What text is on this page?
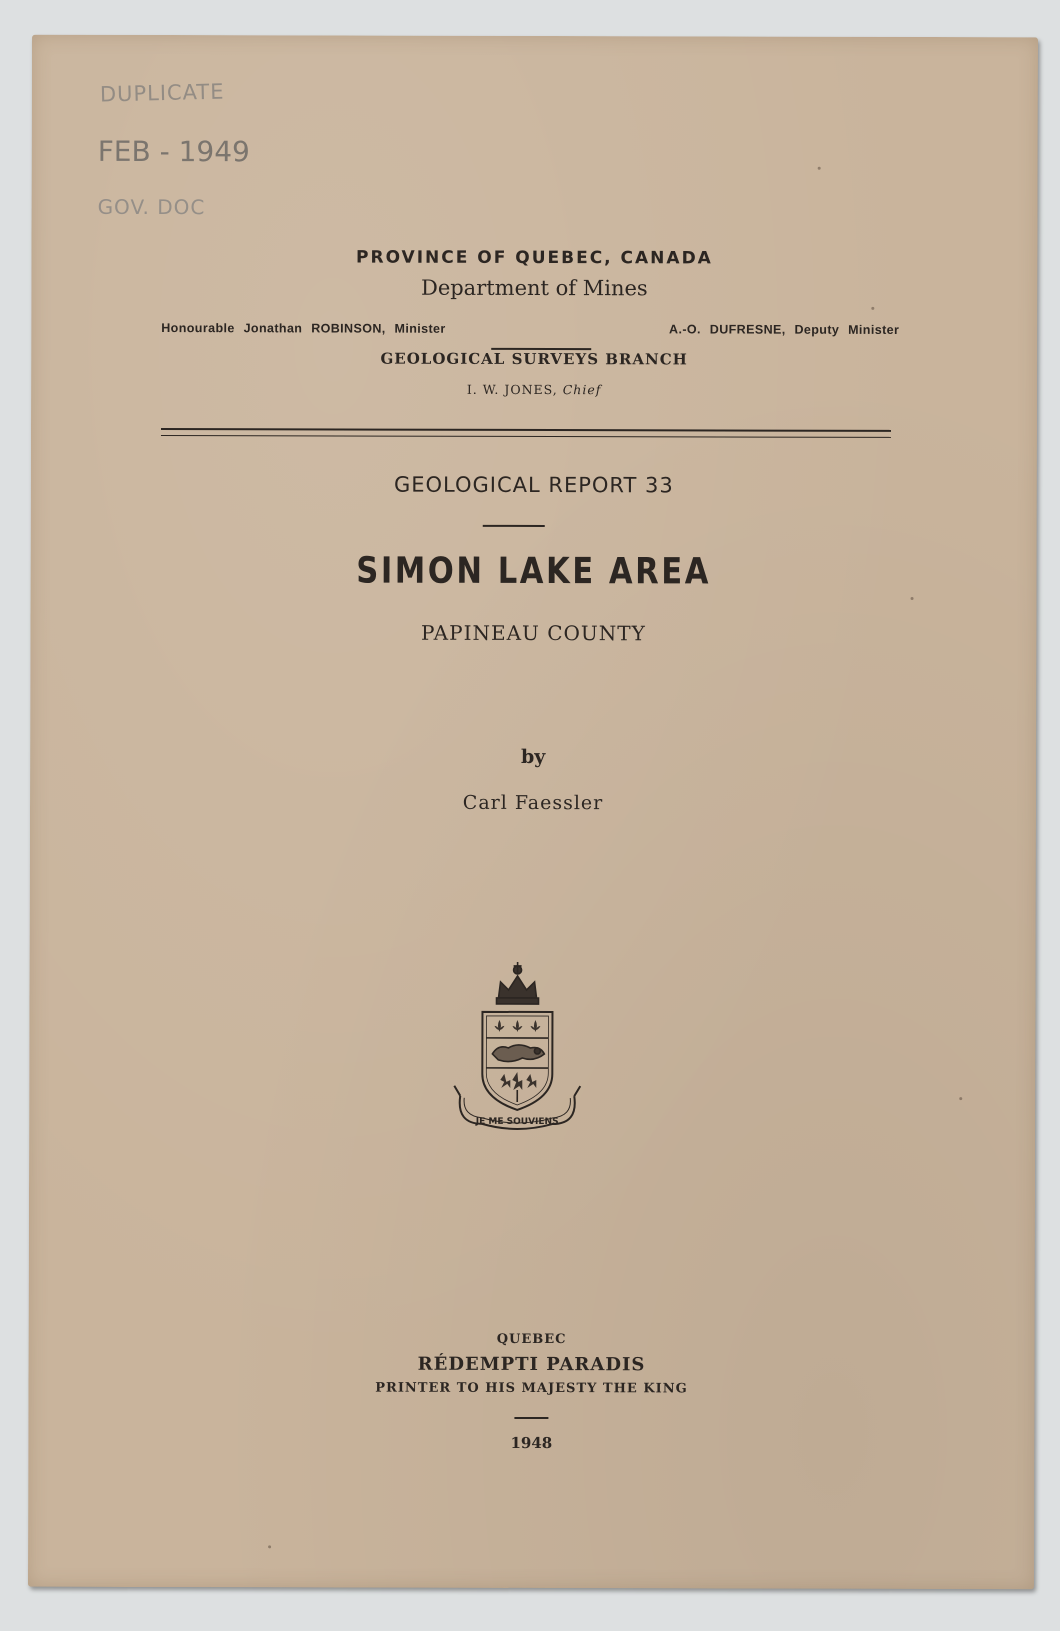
DUPLICATE
FEB - 1949
GOV. DOC
PROVINCE OF QUEBEC, CANADA
Department of Mines
Honourable Jonathan ROBINSON, Minister	A.-O. DUFRESNE, Deputy Minister
GEOLOGICAL SURVEYS BRANCH
I. W. JONES, Chief
GEOLOGICAL REPORT 33
SIMON LAKE AREA
PAPINEAU COUNTY
by
Carl Faessler
JE ME SOUVIENS
QUEBEC
RÉDEMPTI PARADIS
PRINTER TO HIS MAJESTY THE KING
1948
